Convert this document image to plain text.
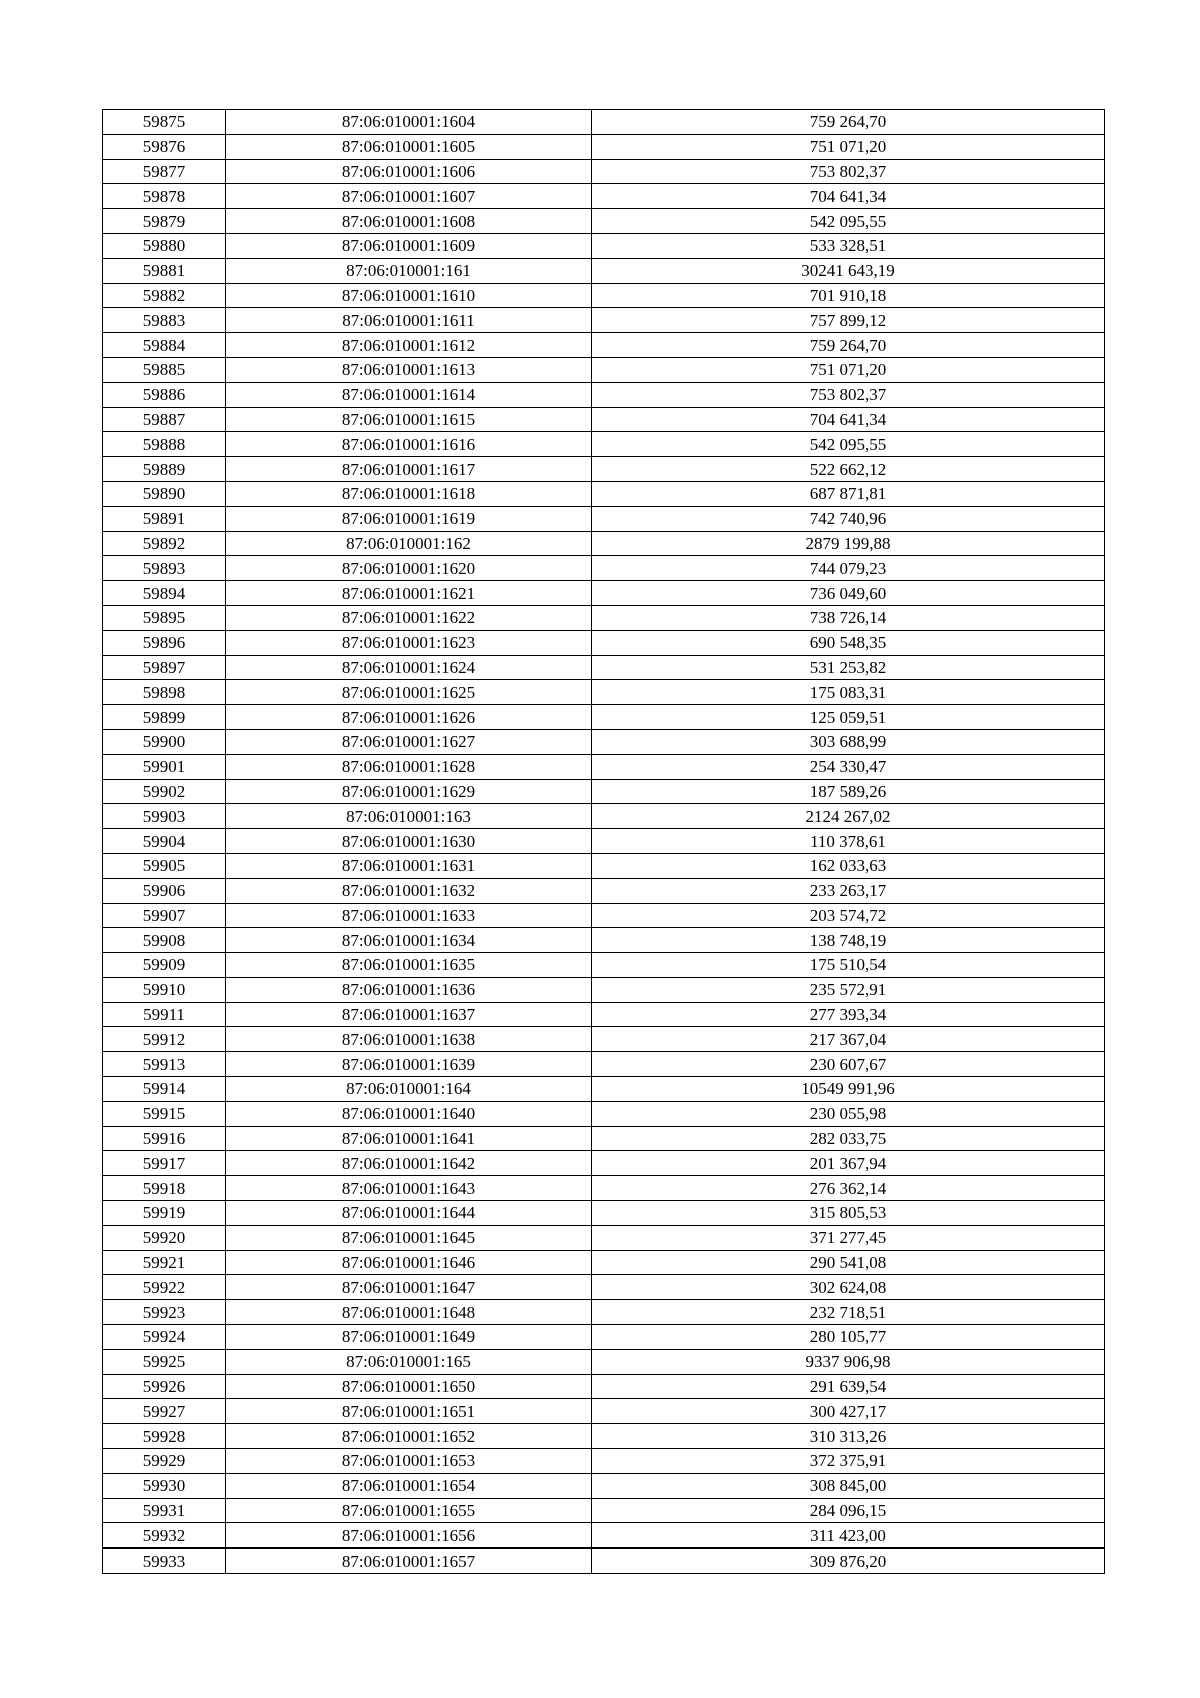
59875	87:06:010001:1604	759 264,70
59876	87:06:010001:1605	751 071,20
59877	87:06:010001:1606	753 802,37
59878	87:06:010001:1607	704 641,34
59879	87:06:010001:1608	542 095,55
59880	87:06:010001:1609	533 328,51
59881	87:06:010001:161	30241 643,19
59882	87:06:010001:1610	701 910,18
59883	87:06:010001:1611	757 899,12
59884	87:06:010001:1612	759 264,70
59885	87:06:010001:1613	751 071,20
59886	87:06:010001:1614	753 802,37
59887	87:06:010001:1615	704 641,34
59888	87:06:010001:1616	542 095,55
59889	87:06:010001:1617	522 662,12
59890	87:06:010001:1618	687 871,81
59891	87:06:010001:1619	742 740,96
59892	87:06:010001:162	2879 199,88
59893	87:06:010001:1620	744 079,23
59894	87:06:010001:1621	736 049,60
59895	87:06:010001:1622	738 726,14
59896	87:06:010001:1623	690 548,35
59897	87:06:010001:1624	531 253,82
59898	87:06:010001:1625	175 083,31
59899	87:06:010001:1626	125 059,51
59900	87:06:010001:1627	303 688,99
59901	87:06:010001:1628	254 330,47
59902	87:06:010001:1629	187 589,26
59903	87:06:010001:163	2124 267,02
59904	87:06:010001:1630	110 378,61
59905	87:06:010001:1631	162 033,63
59906	87:06:010001:1632	233 263,17
59907	87:06:010001:1633	203 574,72
59908	87:06:010001:1634	138 748,19
59909	87:06:010001:1635	175 510,54
59910	87:06:010001:1636	235 572,91
59911	87:06:010001:1637	277 393,34
59912	87:06:010001:1638	217 367,04
59913	87:06:010001:1639	230 607,67
59914	87:06:010001:164	10549 991,96
59915	87:06:010001:1640	230 055,98
59916	87:06:010001:1641	282 033,75
59917	87:06:010001:1642	201 367,94
59918	87:06:010001:1643	276 362,14
59919	87:06:010001:1644	315 805,53
59920	87:06:010001:1645	371 277,45
59921	87:06:010001:1646	290 541,08
59922	87:06:010001:1647	302 624,08
59923	87:06:010001:1648	232 718,51
59924	87:06:010001:1649	280 105,77
59925	87:06:010001:165	9337 906,98
59926	87:06:010001:1650	291 639,54
59927	87:06:010001:1651	300 427,17
59928	87:06:010001:1652	310 313,26
59929	87:06:010001:1653	372 375,91
59930	87:06:010001:1654	308 845,00
59931	87:06:010001:1655	284 096,15
59932	87:06:010001:1656	311 423,00
59933	87:06:010001:1657	309 876,20
